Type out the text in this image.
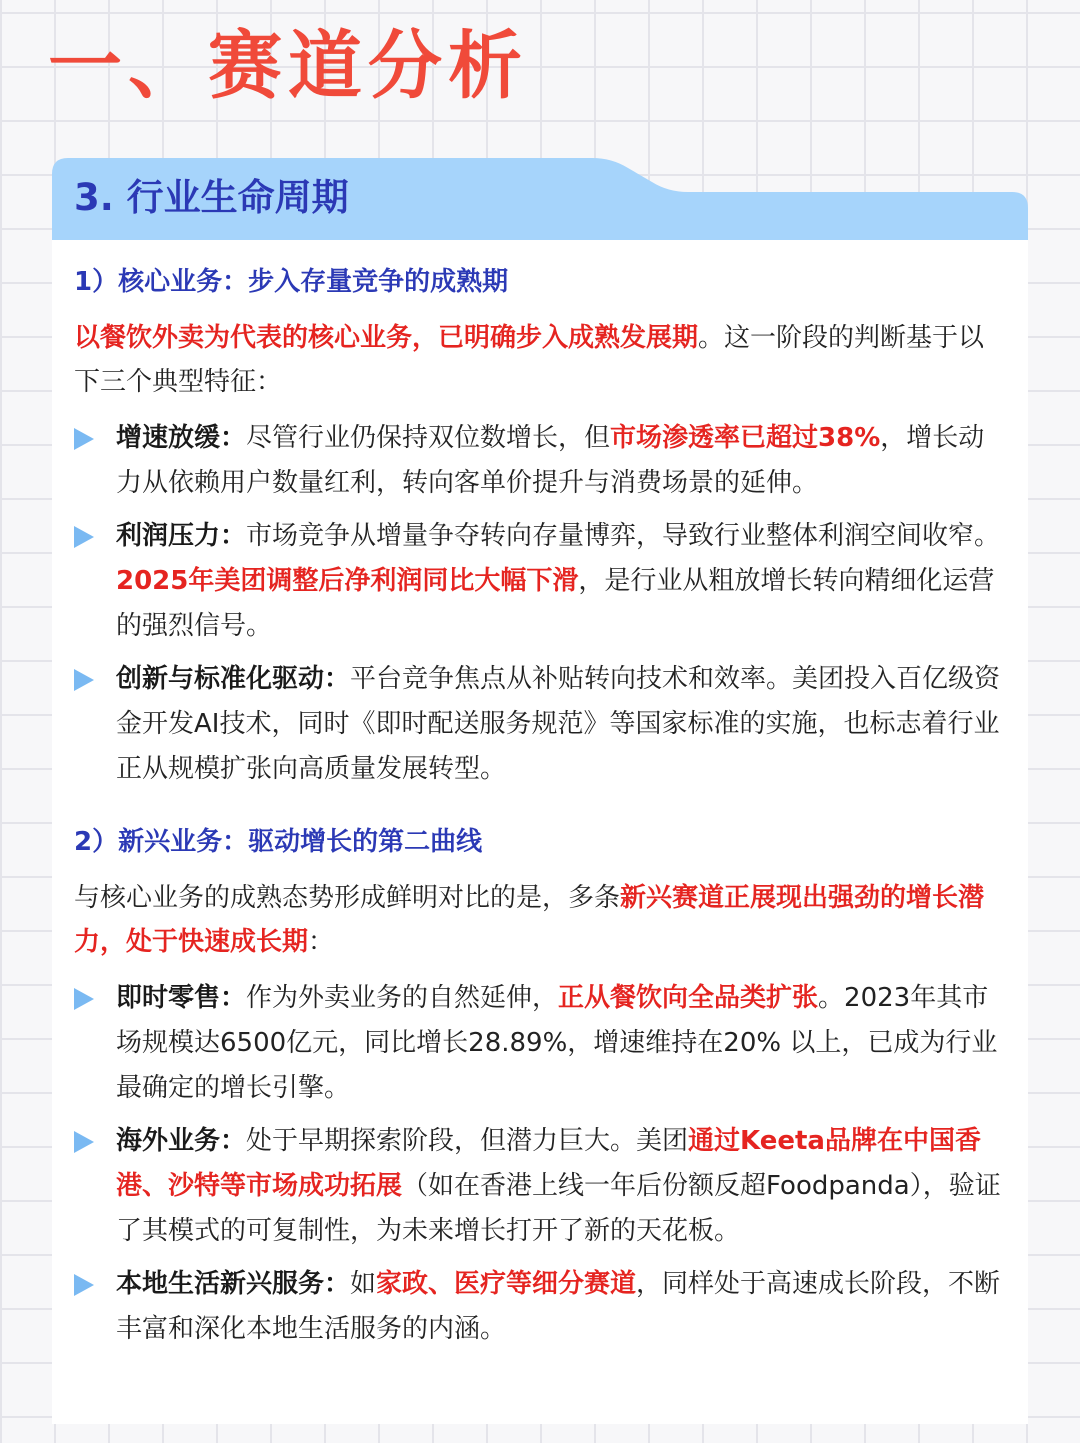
一、赛道分析
3. 行业生命周期
1）核心业务：步入存量竞争的成熟期

以餐饮外卖为代表的核心业务，已明确步入成熟发展期。这一阶段的判断基于以下三个典型特征：

增速放缓：尽管行业仍保持双位数增长，但市场渗透率已超过38%，增长动力从依赖用户数量红利，转向客单价提升与消费场景的延伸。
利润压力：市场竞争从增量争夺转向存量博弈，导致行业整体利润空间收窄。2025年美团调整后净利润同比大幅下滑，是行业从粗放增长转向精细化运营的强烈信号。
创新与标准化驱动：平台竞争焦点从补贴转向技术和效率。美团投入百亿级资金开发AI技术，同时《即时配送服务规范》等国家标准的实施，也标志着行业正从规模扩张向高质量发展转型。
2）新兴业务：驱动增长的第二曲线

与核心业务的成熟态势形成鲜明对比的是，多条新兴赛道正展现出强劲的增长潜力，处于快速成长期：

即时零售：作为外卖业务的自然延伸，正从餐饮向全品类扩张。2023年其市场规模达6500亿元，同比增长28.89%，增速维持在20% 以上，已成为行业最确定的增长引擎。
海外业务：处于早期探索阶段，但潜力巨大。美团通过Keeta品牌在中国香港、沙特等市场成功拓展（如在香港上线一年后份额反超Foodpanda），验证了其模式的可复制性，为未来增长打开了新的天花板。
本地生活新兴服务：如家政、医疗等细分赛道，同样处于高速成长阶段，不断丰富和深化本地生活服务的内涵。
